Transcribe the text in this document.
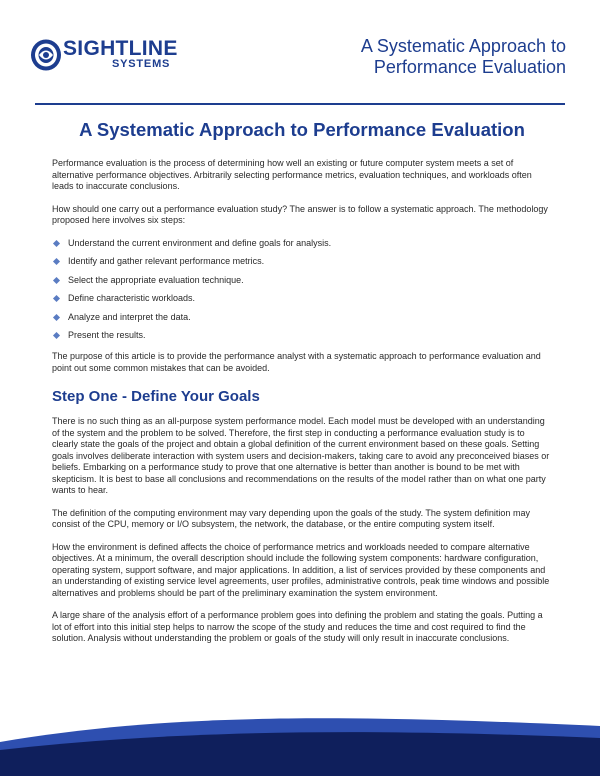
SIGHTLINE
SYSTEMS
A Systematic Approach to
Performance Evaluation
A Systematic Approach to Performance Evaluation

Performance evaluation is the process of determining how well an existing or future computer system meets a set of alternative performance objectives. Arbitrarily selecting performance metrics, evaluation techniques, and workloads often leads to inaccurate conclusions.

How should one carry out a performance evaluation study? The answer is to follow a systematic approach. The methodology proposed here involves six steps:

Understand the current environment and define goals for analysis.
Identify and gather relevant performance metrics.
Select the appropriate evaluation technique.
Define characteristic workloads.
Analyze and interpret the data.
Present the results.

The purpose of this article is to provide the performance analyst with a systematic approach to performance evaluation and point out some common mistakes that can be avoided.

Step One - Define Your Goals

There is no such thing as an all-purpose system performance model. Each model must be developed with an understanding of the system and the problem to be solved. Therefore, the first step in conducting a performance evaluation study is to clearly state the goals of the project and obtain a global definition of the current environment based on these goals. Setting goals involves deliberate interaction with system users and decision-makers, taking care to avoid any preconceived biases or beliefs. Embarking on a performance study to prove that one alternative is better than another is bound to be met with skepticism. It is best to base all conclusions and recommendations on the results of the model rather than on what one party wants to hear.

The definition of the computing environment may vary depending upon the goals of the study. The system definition may consist of the CPU, memory or I/O subsystem, the network, the database, or the entire computing system itself.

How the environment is defined affects the choice of performance metrics and workloads needed to compare alternative objectives. At a minimum, the overall description should include the following system components: hardware configuration, operating system, support software, and major applications. In addition, a list of services provided by these components and an understanding of existing service level agreements, user profiles, administrative controls, peak time windows and possible alternatives and problems should be part of the preliminary examination the system environment.

A large share of the analysis effort of a performance problem goes into defining the problem and stating the goals. Putting a lot of effort into this initial step helps to narrow the scope of the study and reduces the time and cost required to find the solution. Analysis without understanding the problem or goals of the study will only result in inaccurate conclusions.
